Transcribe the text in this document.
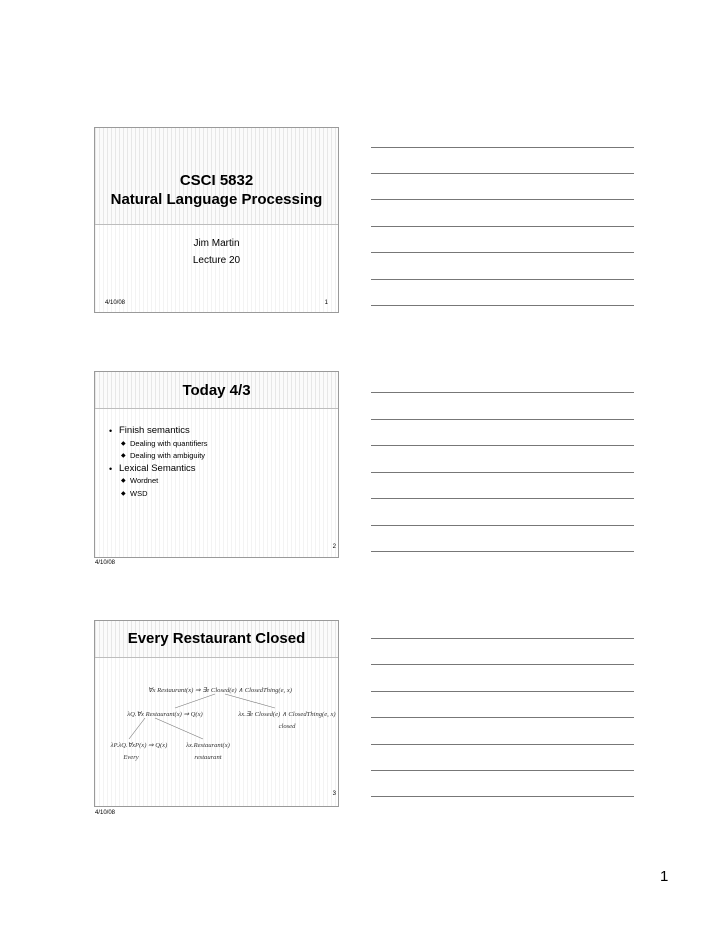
CSCI 5832
Natural Language Processing
Jim Martin
Lecture 20
4/10/08	1
Today 4/3
• Finish semantics
◆ Dealing with quantifiers
◆ Dealing with ambiguity
• Lexical Semantics
◆ Wordnet
◆ WSD
2
4/10/08
Every Restaurant Closed
∀x Restaurant(x) ⇒ ∃e Closed(e) ∧ ClosedThing(e, x)
λQ.∀x Restaurant(x) ⇒ Q(x)	λx.∃e Closed(e) ∧ ClosedThing(e, x)
closed
λP.λQ.∀xP(x) ⇒ Q(x)
Every
λx.Restaurant(x)
restaurant
3
4/10/08
1
